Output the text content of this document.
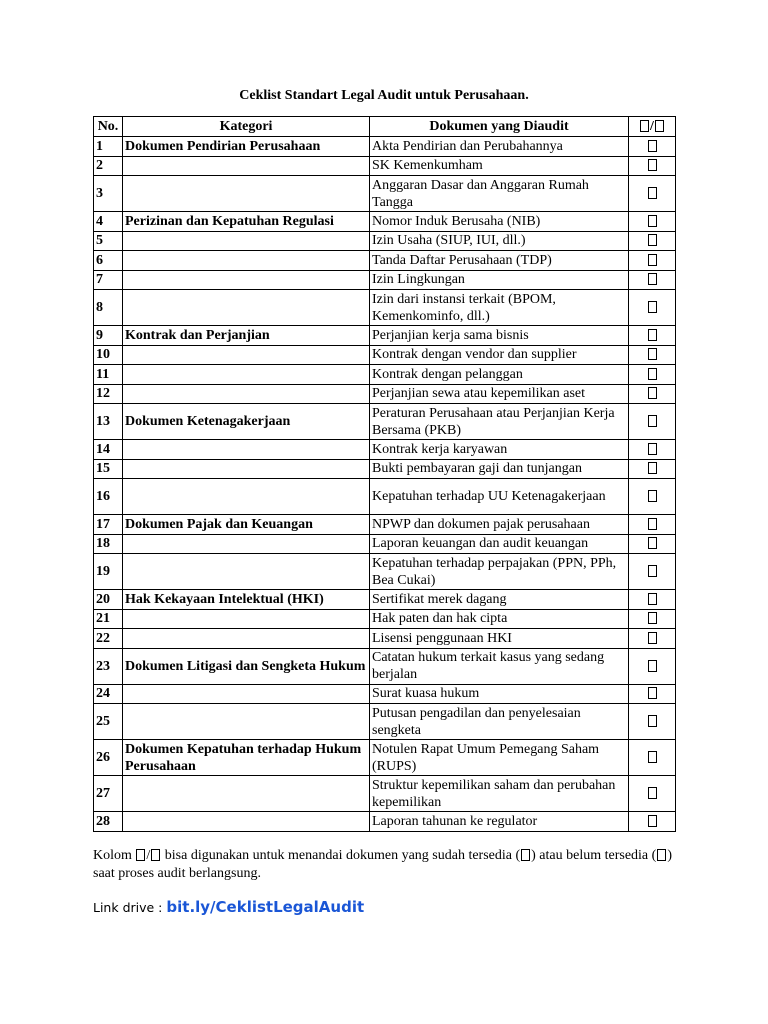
Ceklist Standart Legal Audit untuk Perusahaan.
No.	Kategori	Dokumen yang Diaudit	/
1	Dokumen Pendirian Perusahaan	Akta Pendirian dan Perubahannya	
2		SK Kemenkumham	
3		Anggaran Dasar dan Anggaran Rumah Tangga	
4	Perizinan dan Kepatuhan Regulasi	Nomor Induk Berusaha (NIB)	
5		Izin Usaha (SIUP, IUI, dll.)	
6		Tanda Daftar Perusahaan (TDP)	
7		Izin Lingkungan	
8		Izin dari instansi terkait (BPOM, Kemenkominfo, dll.)	
9	Kontrak dan Perjanjian	Perjanjian kerja sama bisnis	
10		Kontrak dengan vendor dan supplier	
11		Kontrak dengan pelanggan	
12		Perjanjian sewa atau kepemilikan aset	
13	Dokumen Ketenagakerjaan	Peraturan Perusahaan atau Perjanjian Kerja Bersama (PKB)	
14		Kontrak kerja karyawan	
15		Bukti pembayaran gaji dan tunjangan	
16		Kepatuhan terhadap UU Ketenagakerjaan	
17	Dokumen Pajak dan Keuangan	NPWP dan dokumen pajak perusahaan	
18		Laporan keuangan dan audit keuangan	
19		Kepatuhan terhadap perpajakan (PPN, PPh, Bea Cukai)	
20	Hak Kekayaan Intelektual (HKI)	Sertifikat merek dagang	
21		Hak paten dan hak cipta	
22		Lisensi penggunaan HKI	
23	Dokumen Litigasi dan Sengketa Hukum	Catatan hukum terkait kasus yang sedang berjalan	
24		Surat kuasa hukum	
25		Putusan pengadilan dan penyelesaian sengketa	
26	Dokumen Kepatuhan terhadap Hukum Perusahaan	Notulen Rapat Umum Pemegang Saham (RUPS)	
27		Struktur kepemilikan saham dan perubahan kepemilikan	
28		Laporan tahunan ke regulator	
Kolom / bisa digunakan untuk menandai dokumen yang sudah tersedia ( ) atau belum tersedia ( ) saat proses audit berlangsung.
Link drive : bit.ly/CeklistLegalAudit
